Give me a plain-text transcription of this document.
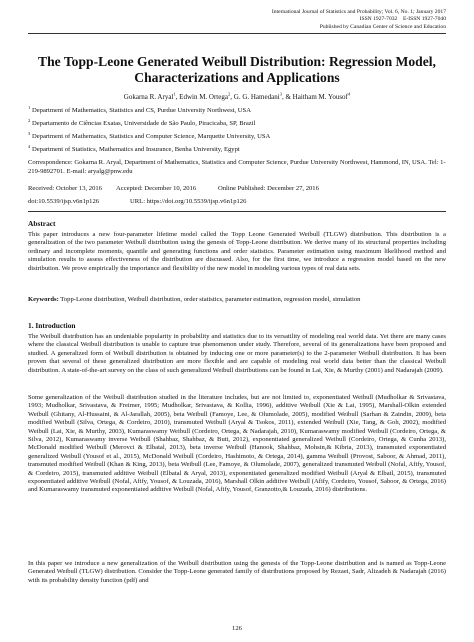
International Journal of Statistics and Probability; Vol. 6, No. 1; January 2017
ISSN 1927-7032    E-ISSN 1927-7040
Published by Canadian Center of Science and Education
The Topp-Leone Generated Weibull Distribution: Regression Model,
Characterizations and Applications
Gokarna R. Aryal$^1$, Edwin M. Ortega$^2$, G. G. Hamedani$^3$, & Haitham M. Yousof$^4$
$^1$ Department of Mathematics, Statistics and CS, Purdue University Northwest, USA
$^2$ Departamento de Ciências Exatas, Universidade de São Paulo, Piracicaba, SP, Brazil
$^3$ Department of Mathematics, Statistics and Computer Science, Marquette University, USA
$^4$ Department of Statistics, Mathematics and Insurance, Benha University, Egypt
Correspondence: Gokarna R. Aryal, Department of Mathematics, Statistics and Computer Science, Purdue University Northwest, Hammond, IN, USA. Tel: 1-219-9892701. E-mail: aryalg@pnw.edu
Received: October 13, 2016 Accepted: December 10, 2016	Online Published: December 27, 2016
doi:10.5539/ijsp.v6n1p126	URL: https://doi.org/10.5539/ijsp.v6n1p126
Abstract
This paper introduces a new four-parameter lifetime model called the Topp Leone Generated Weibull (TLGW) distribution. This distribution is a generalization of the two parameter Weibull distribution using the genesis of Topp-Leone distribution. We derive many of its structural properties including ordinary and incomplete moments, quantile and generating functions and order statistics. Parameter estimation using maximum likelihood method and simulation results to assess effectiveness of the distribution are discussed. Also, for the first time, we introduce a regression model based on the new distribution. We prove empirically the importance and flexibility of the new model in modeling various types of real data sets.
Keywords: Topp-Leone distribution, Weibull distribution, order statistics, parameter estimation, regression model, simulation
1. Introduction
The Weibull distribution has an undeniable popularity in probability and statistics due to its versatility of modeling real world data. Yet there are many cases where the classical Weibull distribution is unable to capture true phenomenon under study. Therefore, several of its generalizations have been proposed and studied. A generalized form of Weibull distribution is obtained by inducing one or more parameter(s) to the 2-parameter Weibull distribution. It has been proven that several of these generalized distribution are more flexible and are capable of modeling real world data better than the classical Weibull distribution. A state-of-the-art survey on the class of such generalized Weibull distributions can be found in Lai, Xie, & Murthy (2001) and Nadarajah (2009).
Some generalization of the Weibull distribution studied in the literature includes, but are not limited to, exponentiated Weibull (Mudholkar & Srivastava, 1993; Mudholkar, Srivastava, & Freimer, 1995; Mudholkar, Srivastava, & Kollia, 1996), additive Weibull (Xie & Lai, 1995), Marshall-Olkin extended Weibull (Ghitany, Al-Hussaini, & Al-Jarallah, 2005), beta Weibull (Famoye, Lee, & Olumolade, 2005), modified Weibull (Sarhan & Zaindin, 2009), beta modified Weibull (Silva, Ortega, & Cordeiro, 2010), transmuted Weibull (Aryal & Tsokos, 2011), extended Weibull (Xie, Tang, & Goh, 2002), modified Weibull (Lai, Xie, & Murthy, 2003), Kumaraswamy Weibull (Cordeiro, Ortega, & Nadarajah, 2010), Kumaraswamy modified Weibull (Cordeiro, Ortega, & Silva, 2012), Kumaraswamy inverse Weibull (Shahbaz, Shahbaz, & Butt, 2012), exponentiated generalized Weibull (Cordeiro, Ortega, & Cunha 2013), McDonald modified Weibull (Merovci & Elbatal, 2013), beta inverse Weibull (Hanook, Shahbaz, Mohsin,& Kibria, 2013), transmuted exponentiated generalized Weibull (Yousof et al., 2015), McDonald Weibull (Cordeiro, Hashimoto, & Ortega, 2014), gamma Weibull (Provost, Saboor, & Ahmad, 2011), transmuted modified Weibull (Khan & King, 2013), beta Weibull (Lee, Famoye, & Olumolade, 2007), generalized transmuted Weibull (Nofal, Afify, Yousof, & Cordeiro, 2015), transmuted additive Weibull (Elbatal & Aryal, 2013), exponentiated generalized modified Weibull (Aryal & Elbatl, 2015), transmuted exponentiated additive Weibull (Nofal, Afify, Yousof, & Louzada, 2016), Marshall Olkin additive Weibull (Afify, Cordeiro, Yousof, Saboor, & Ortega, 2016) and Kumaraswamy transmuted exponentiated additive Weibull (Nofal, Afify, Yousof, Granzotto,& Louzada, 2016) distributions.
In this paper we introduce a new generalization of the Weibull distribution using the genesis of the Topp-Leone distribution and is named as Topp-Leone Generated Weibull (TLGW) distribution. Consider the Topp-Leone generated family of distributions proposed by Rezaei, Sadr, Alizadeh & Nadarajah (2016) with its probability density function (pdf) and
126
